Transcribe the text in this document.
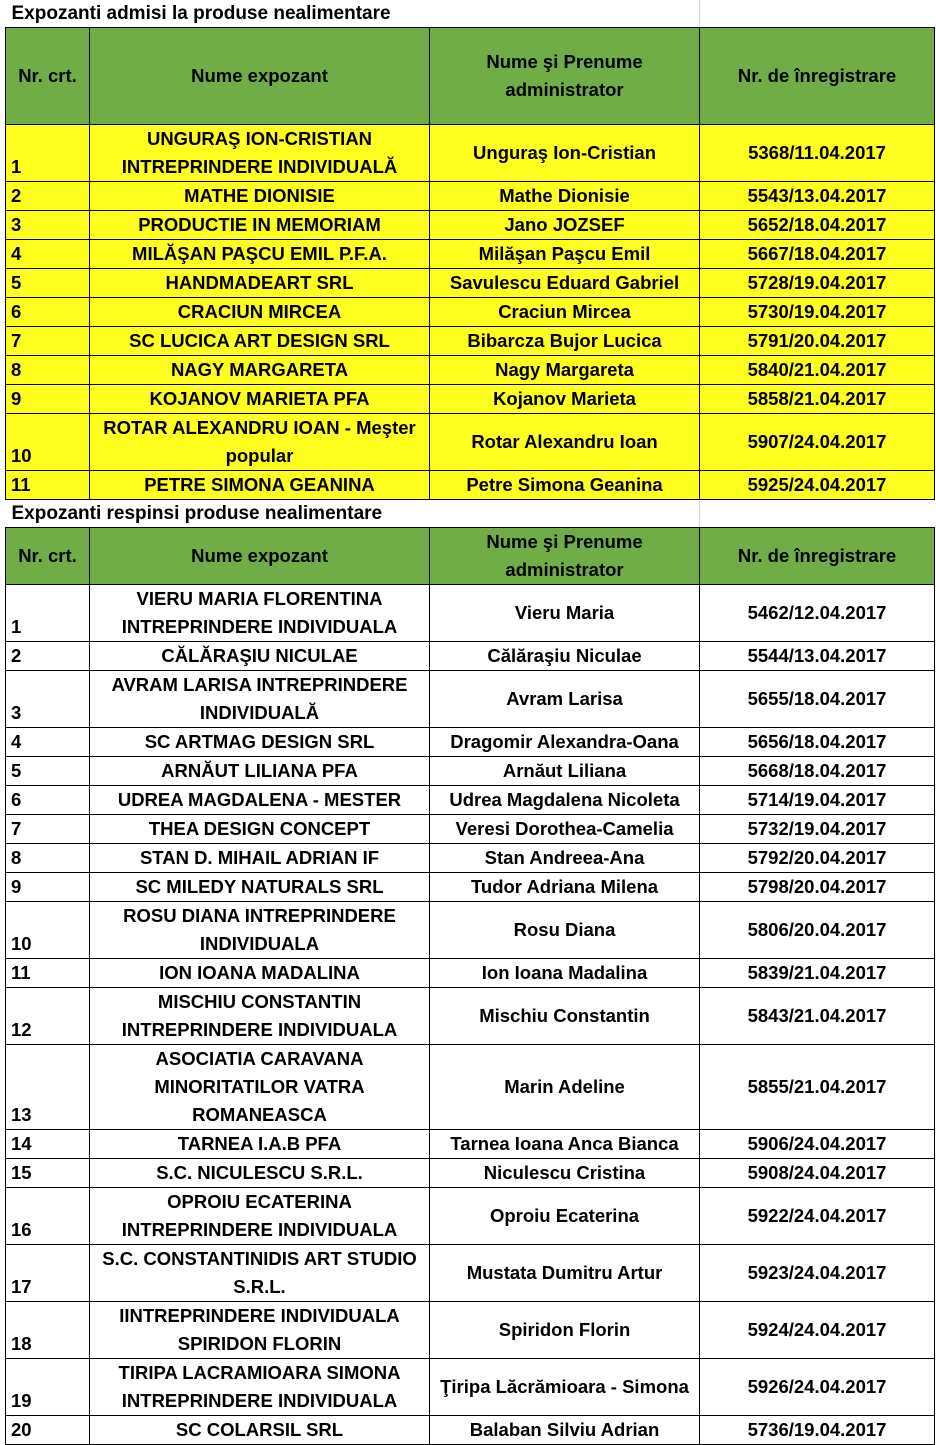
Expozanti admisi la produse nealimentare			
Nr. crt.	Nume expozant	Nume şi Prenume administrator	Nr. de înregistrare
1	UNGURAŞ ION-CRISTIAN INTREPRINDERE INDIVIDUALĂ	Unguraş Ion-Cristian	5368/11.04.2017
2	MATHE DIONISIE	Mathe Dionisie	5543/13.04.2017
3	PRODUCTIE IN MEMORIAM	Jano JOZSEF	5652/18.04.2017
4	MILĂŞAN PAŞCU EMIL P.F.A.	Milăşan Paşcu Emil	5667/18.04.2017
5	HANDMADEART SRL	Savulescu Eduard Gabriel	5728/19.04.2017
6	CRACIUN MIRCEA	Craciun Mircea	5730/19.04.2017
7	SC LUCICA ART DESIGN SRL	Bibarcza Bujor Lucica	5791/20.04.2017
8	NAGY MARGARETA	Nagy Margareta	5840/21.04.2017
9	KOJANOV MARIETA PFA	Kojanov Marieta	5858/21.04.2017
10	ROTAR ALEXANDRU IOAN - Meşter popular	Rotar Alexandru Ioan	5907/24.04.2017
11	PETRE SIMONA GEANINA	Petre Simona Geanina	5925/24.04.2017
Expozanti respinsi produse nealimentare			
Nr. crt.	Nume expozant	Nume şi Prenume administrator	Nr. de înregistrare
1	VIERU MARIA FLORENTINA INTREPRINDERE INDIVIDUALA	Vieru Maria	5462/12.04.2017
2	CĂLĂRAŞIU NICULAE	Călăraşiu Niculae	5544/13.04.2017
3	AVRAM LARISA INTREPRINDERE INDIVIDUALĂ	Avram Larisa	5655/18.04.2017
4	SC ARTMAG DESIGN SRL	Dragomir Alexandra-Oana	5656/18.04.2017
5	ARNĂUT LILIANA PFA	Arnăut Liliana	5668/18.04.2017
6	UDREA MAGDALENA - MESTER	Udrea Magdalena Nicoleta	5714/19.04.2017
7	THEA DESIGN CONCEPT	Veresi Dorothea-Camelia	5732/19.04.2017
8	STAN D. MIHAIL ADRIAN IF	Stan Andreea-Ana	5792/20.04.2017
9	SC MILEDY NATURALS SRL	Tudor Adriana Milena	5798/20.04.2017
10	ROSU DIANA INTREPRINDERE INDIVIDUALA	Rosu Diana	5806/20.04.2017
11	ION IOANA MADALINA	Ion Ioana Madalina	5839/21.04.2017
12	MISCHIU CONSTANTIN INTREPRINDERE INDIVIDUALA	Mischiu Constantin	5843/21.04.2017
13	ASOCIATIA CARAVANA MINORITATILOR VATRA ROMANEASCA	Marin Adeline	5855/21.04.2017
14	TARNEA I.A.B PFA	Tarnea Ioana Anca Bianca	5906/24.04.2017
15	S.C. NICULESCU S.R.L.	Niculescu Cristina	5908/24.04.2017
16	OPROIU ECATERINA INTREPRINDERE INDIVIDUALA	Oproiu Ecaterina	5922/24.04.2017
17	S.C. CONSTANTINIDIS ART STUDIO S.R.L.	Mustata Dumitru Artur	5923/24.04.2017
18	IINTREPRINDERE INDIVIDUALA SPIRIDON FLORIN	Spiridon Florin	5924/24.04.2017
19	TIRIPA LACRAMIOARA SIMONA INTREPRINDERE INDIVIDUALA	Ţiripa Lăcrămioara - Simona	5926/24.04.2017
20	SC COLARSIL SRL	Balaban Silviu Adrian	5736/19.04.2017
